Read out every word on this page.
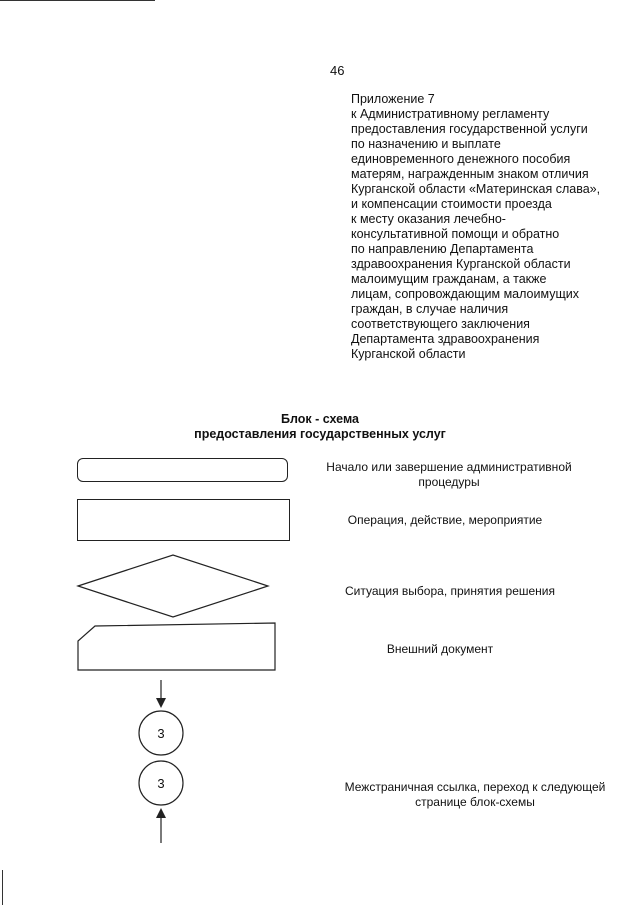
46
Приложение 7
к Административному регламенту
предоставления государственной услуги
по назначению и выплате
единовременного денежного пособия
матерям, награжденным знаком отличия
Курганской области «Материнская слава»,
и компенсации стоимости проезда
к месту оказания лечебно-
консультативной помощи и обратно
по направлению Департамента
здравоохранения Курганской области
малоимущим гражданам, а также
лицам, сопровождающим малоимущих
граждан, в случае наличия
соответствующего заключения
Департамента здравоохранения
Курганской области
Блок - схема
предоставления государственных услуг
3
3
Начало или завершение административной
процедуры
Операция, действие, мероприятие
Ситуация выбора, принятия решения
Внешний документ
Межстраничная ссылка, переход к следующей
странице блок-схемы
